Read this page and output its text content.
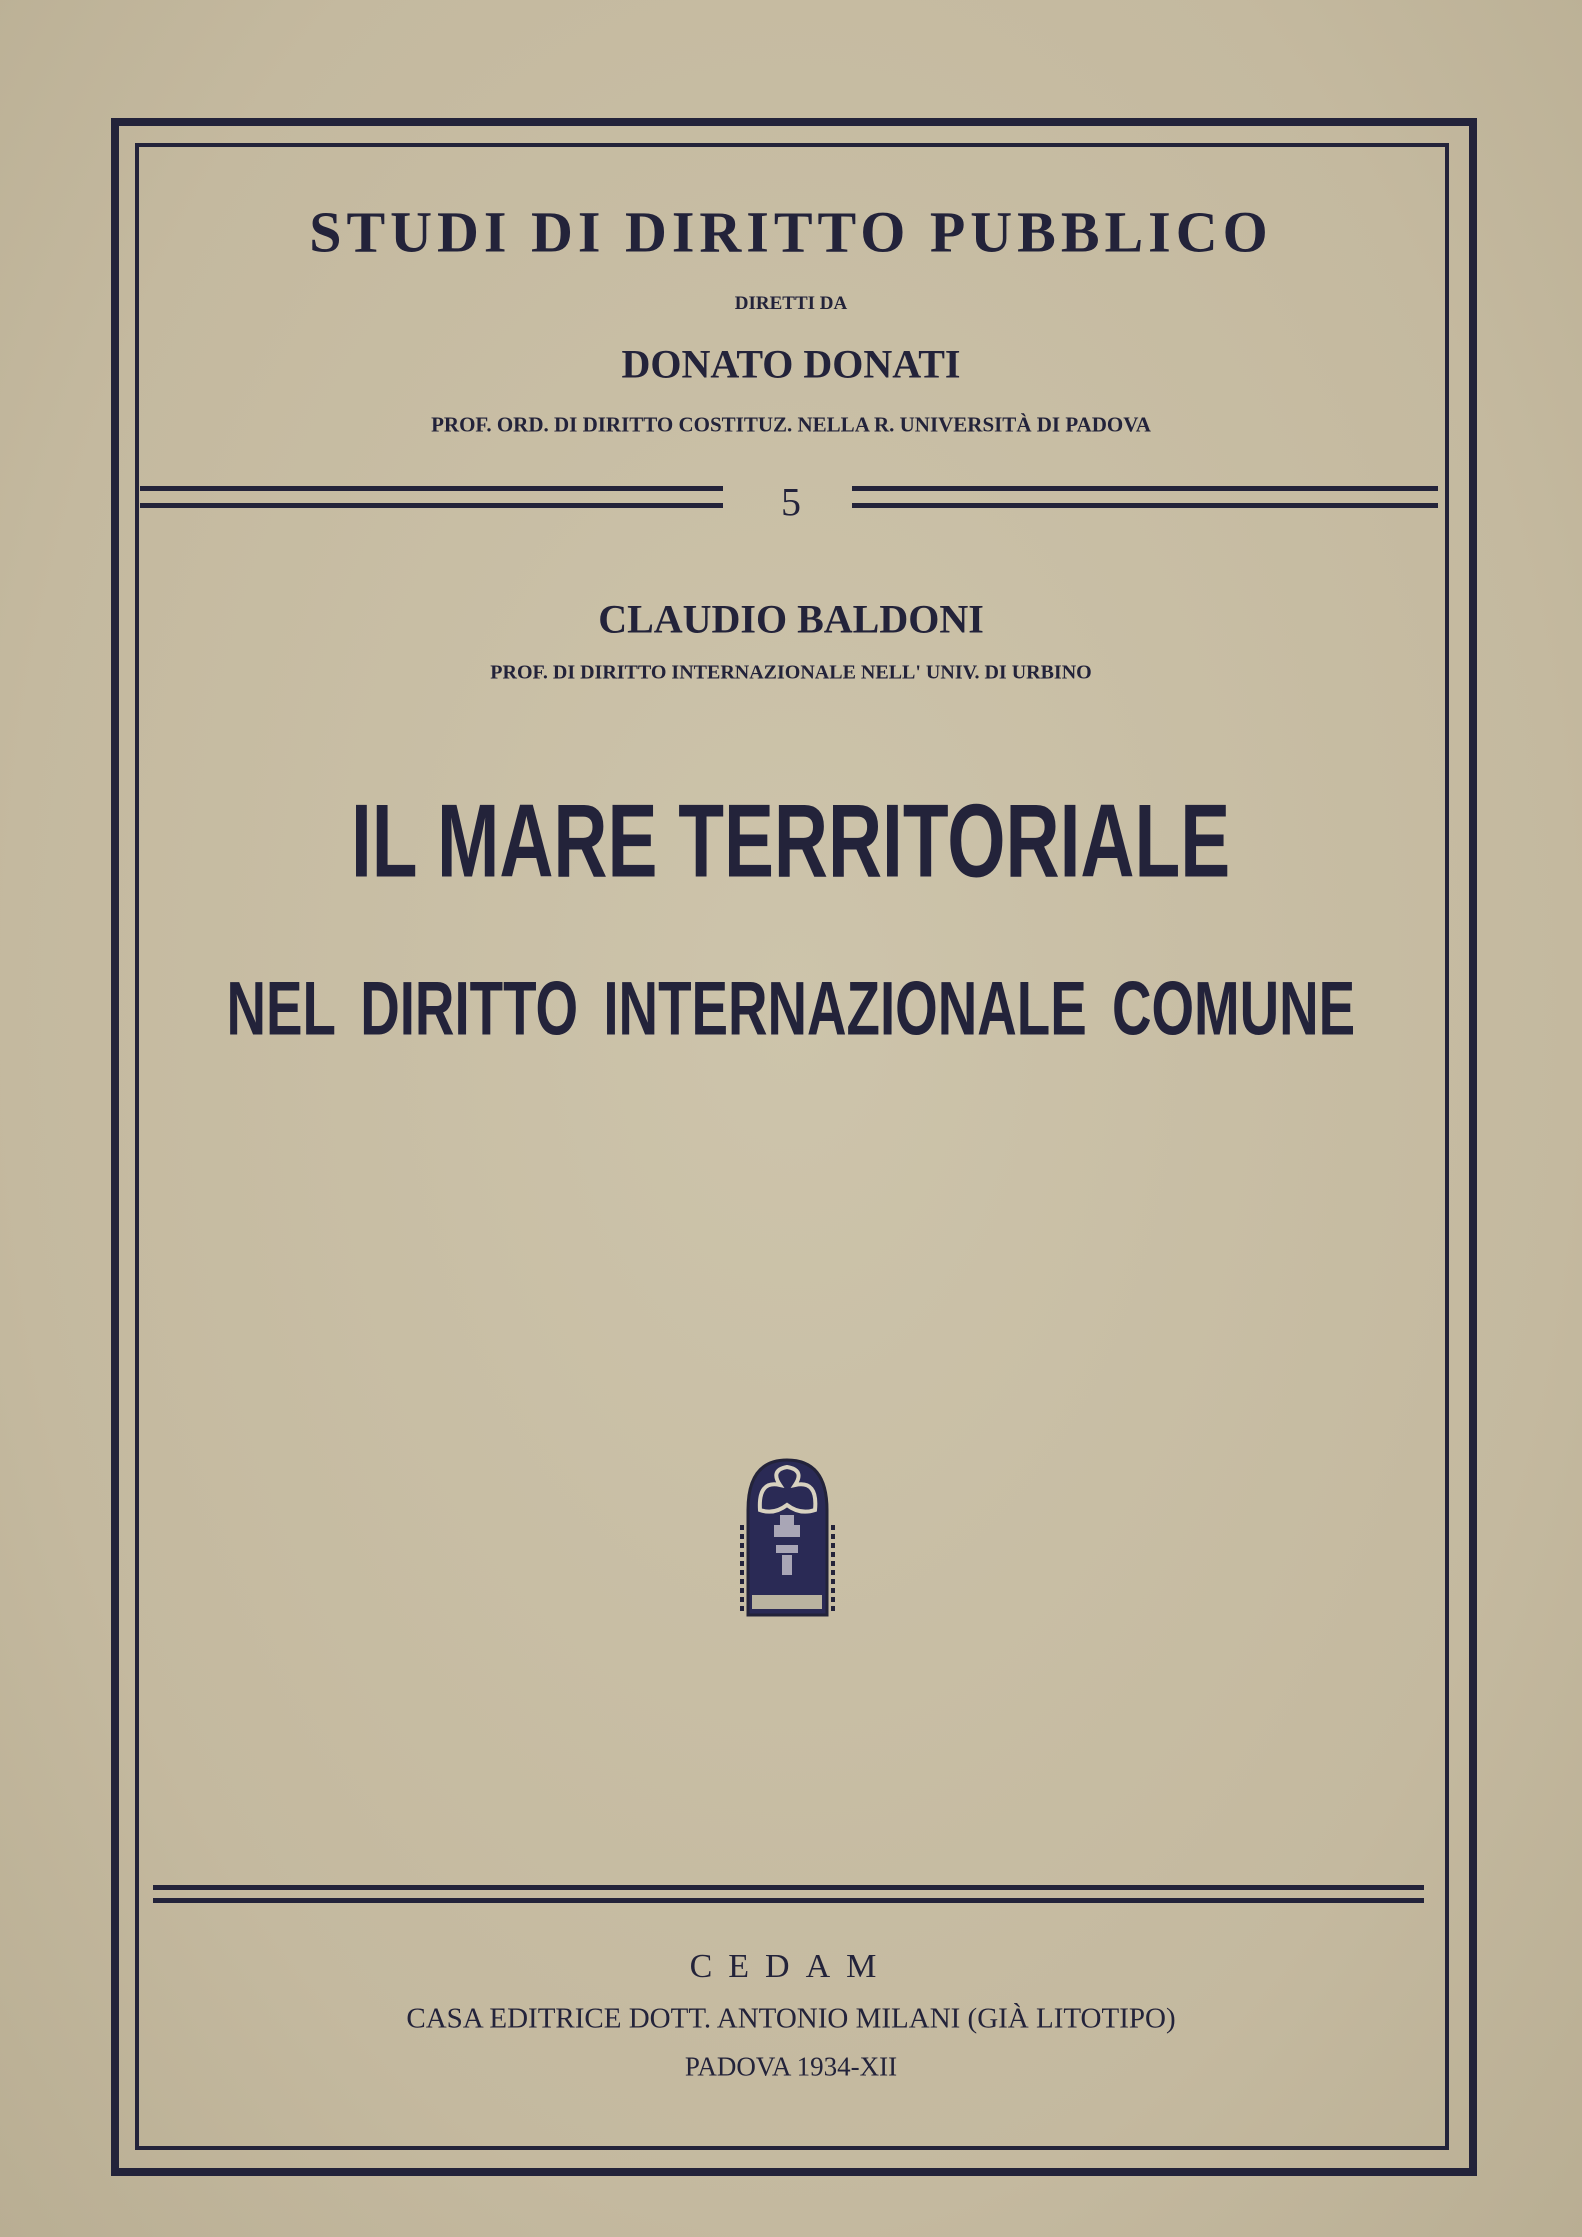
STUDI DI DIRITTO PUBBLICO
DIRETTI DA
DONATO DONATI
PROF. ORD. DI DIRITTO COSTITUZ. NELLA R. UNIVERSITÀ DI PADOVA
5
CLAUDIO BALDONI
PROF. DI DIRITTO INTERNAZIONALE NELL' UNIV. DI URBINO
IL MARE TERRITORIALE
NEL DIRITTO INTERNAZIONALE COMUNE
CEDAM
CASA EDITRICE DOTT. ANTONIO MILANI (GIÀ LITOTIPO)
PADOVA 1934-XII
